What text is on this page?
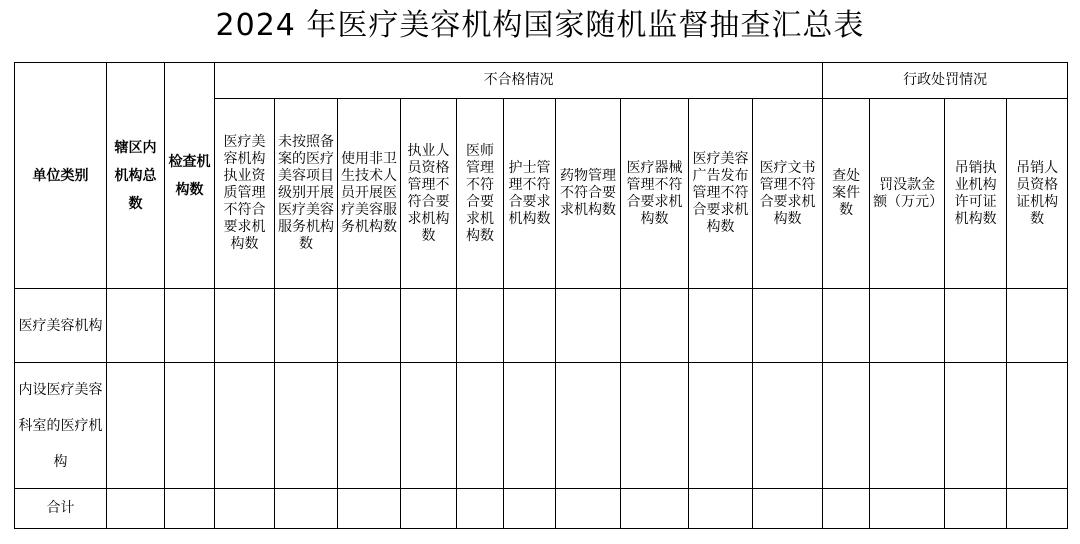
2024 年医疗美容机构国家随机监督抽查汇总表
单位类别	辖区内机构总数	检查机构数	不合格情况										行政处罚情况			
			医疗美容机构执业资质管理不符合要求机构数	未按照备案的医疗美容项目级别开展医疗美容服务机构数	使用非卫生技术人员开展医疗美容服务机构数	执业人员资格管理不符合要求机构数	医师管理不符合要求机构数	护士管理不符合要求机构数	药物管理不符合要求机构数	医疗器械管理不符合要求机构数	医疗美容广告发布管理不符合要求机构数	医疗文书管理不符合要求机构数	查处案件数	罚没款金额（万元）	吊销执业机构许可证机构数	吊销人员资格证机构数
医疗美容机构																
内设医疗美容科室的医疗机构																
合计																
